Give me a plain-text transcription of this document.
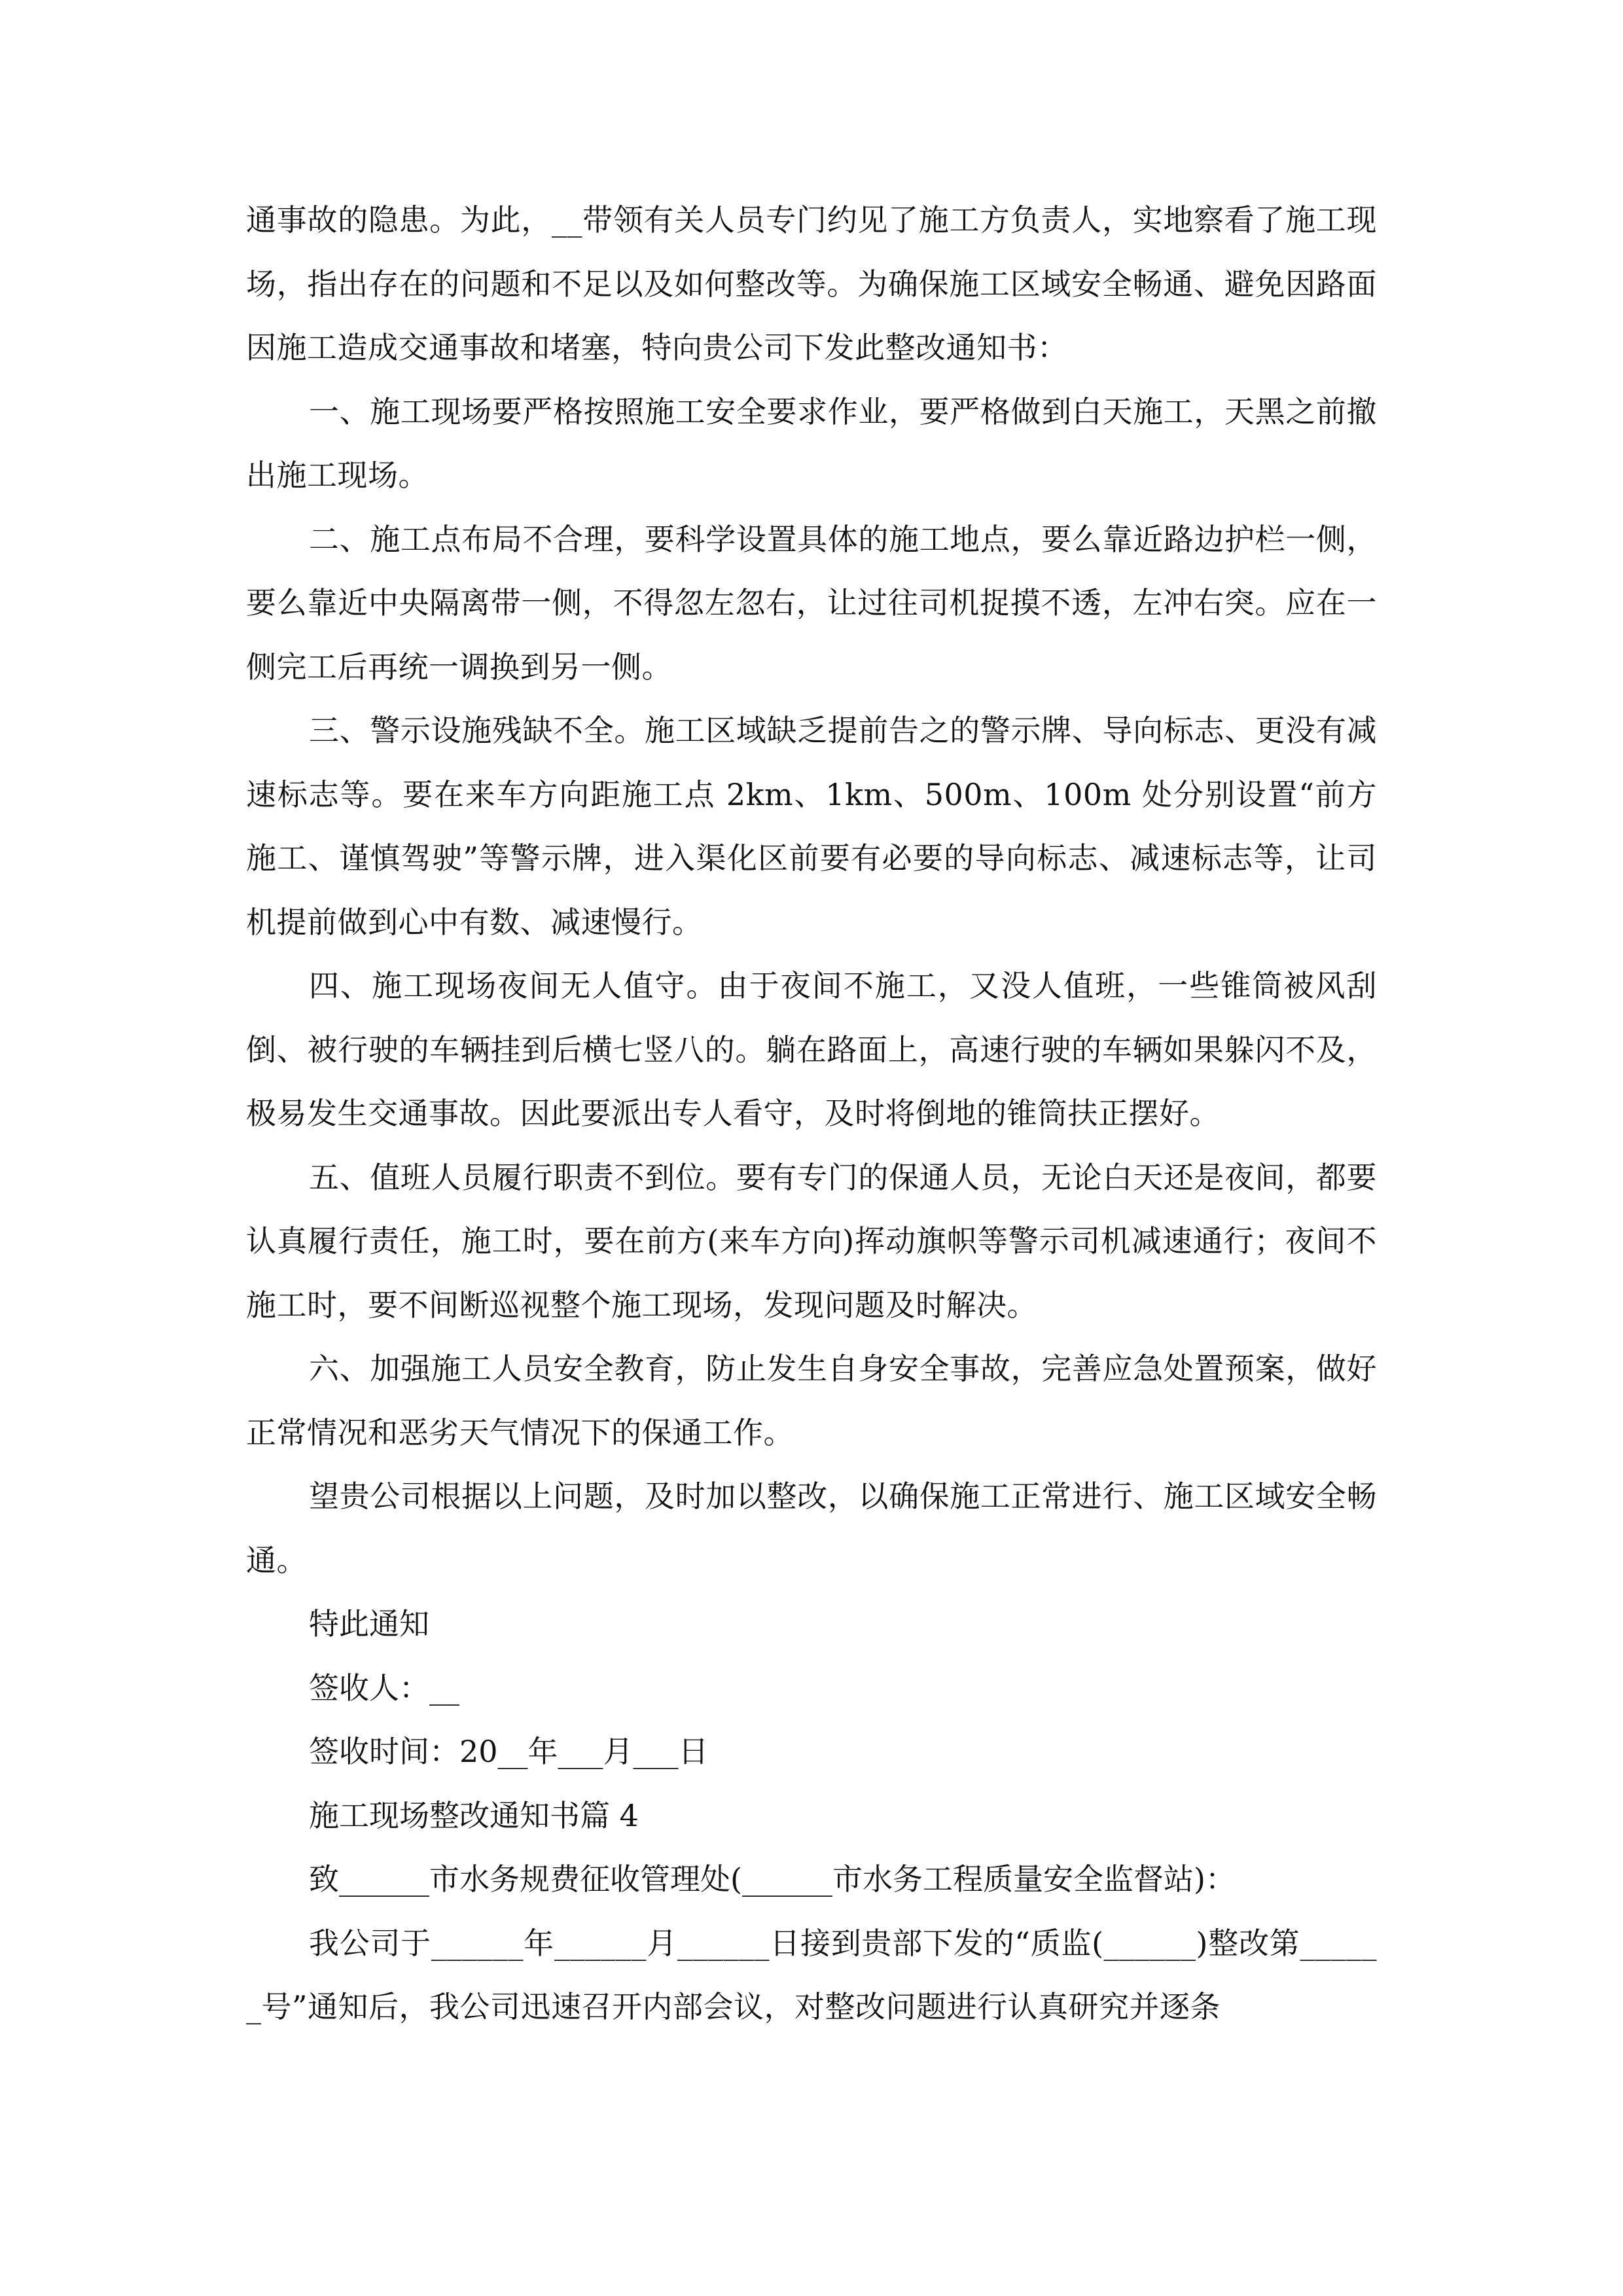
通事故的隐患。为此，__带领有关人员专门约见了施工方负责人，实地察看了施工现场，指出存在的问题和不足以及如何整改等。为确保施工区域安全畅通、避免因路面因施工造成交通事故和堵塞，特向贵公司下发此整改通知书：

一、施工现场要严格按照施工安全要求作业，要严格做到白天施工，天黑之前撤出施工现场。

二、施工点布局不合理，要科学设置具体的施工地点，要么靠近路边护栏一侧，要么靠近中央隔离带一侧，不得忽左忽右，让过往司机捉摸不透，左冲右突。应在一侧完工后再统一调换到另一侧。

三、警示设施残缺不全。施工区域缺乏提前告之的警示牌、导向标志、更没有减速标志等。要在来车方向距施工点 2km、1km、500m、100m 处分别设置“前方施工、谨慎驾驶”等警示牌，进入渠化区前要有必要的导向标志、减速标志等，让司机提前做到心中有数、减速慢行。

四、施工现场夜间无人值守。由于夜间不施工，又没人值班，一些锥筒被风刮倒、被行驶的车辆挂到后横七竖八的。躺在路面上，高速行驶的车辆如果躲闪不及，极易发生交通事故。因此要派出专人看守，及时将倒地的锥筒扶正摆好。

五、值班人员履行职责不到位。要有专门的保通人员，无论白天还是夜间，都要认真履行责任，施工时，要在前方(来车方向)挥动旗帜等警示司机减速通行；夜间不施工时，要不间断巡视整个施工现场，发现问题及时解决。

六、加强施工人员安全教育，防止发生自身安全事故，完善应急处置预案，做好正常情况和恶劣天气情况下的保通工作。

望贵公司根据以上问题，及时加以整改，以确保施工正常进行、施工区域安全畅通。

特此通知

签收人：__

签收时间：20__年___月___日

施工现场整改通知书篇 4

致______市水务规费征收管理处(______市水务工程质量安全监督站)：

我公司于______年______月______日接到贵部下发的“质监(______)整改第______号”通知后，我公司迅速召开内部会议，对整改问题进行认真研究并逐条
